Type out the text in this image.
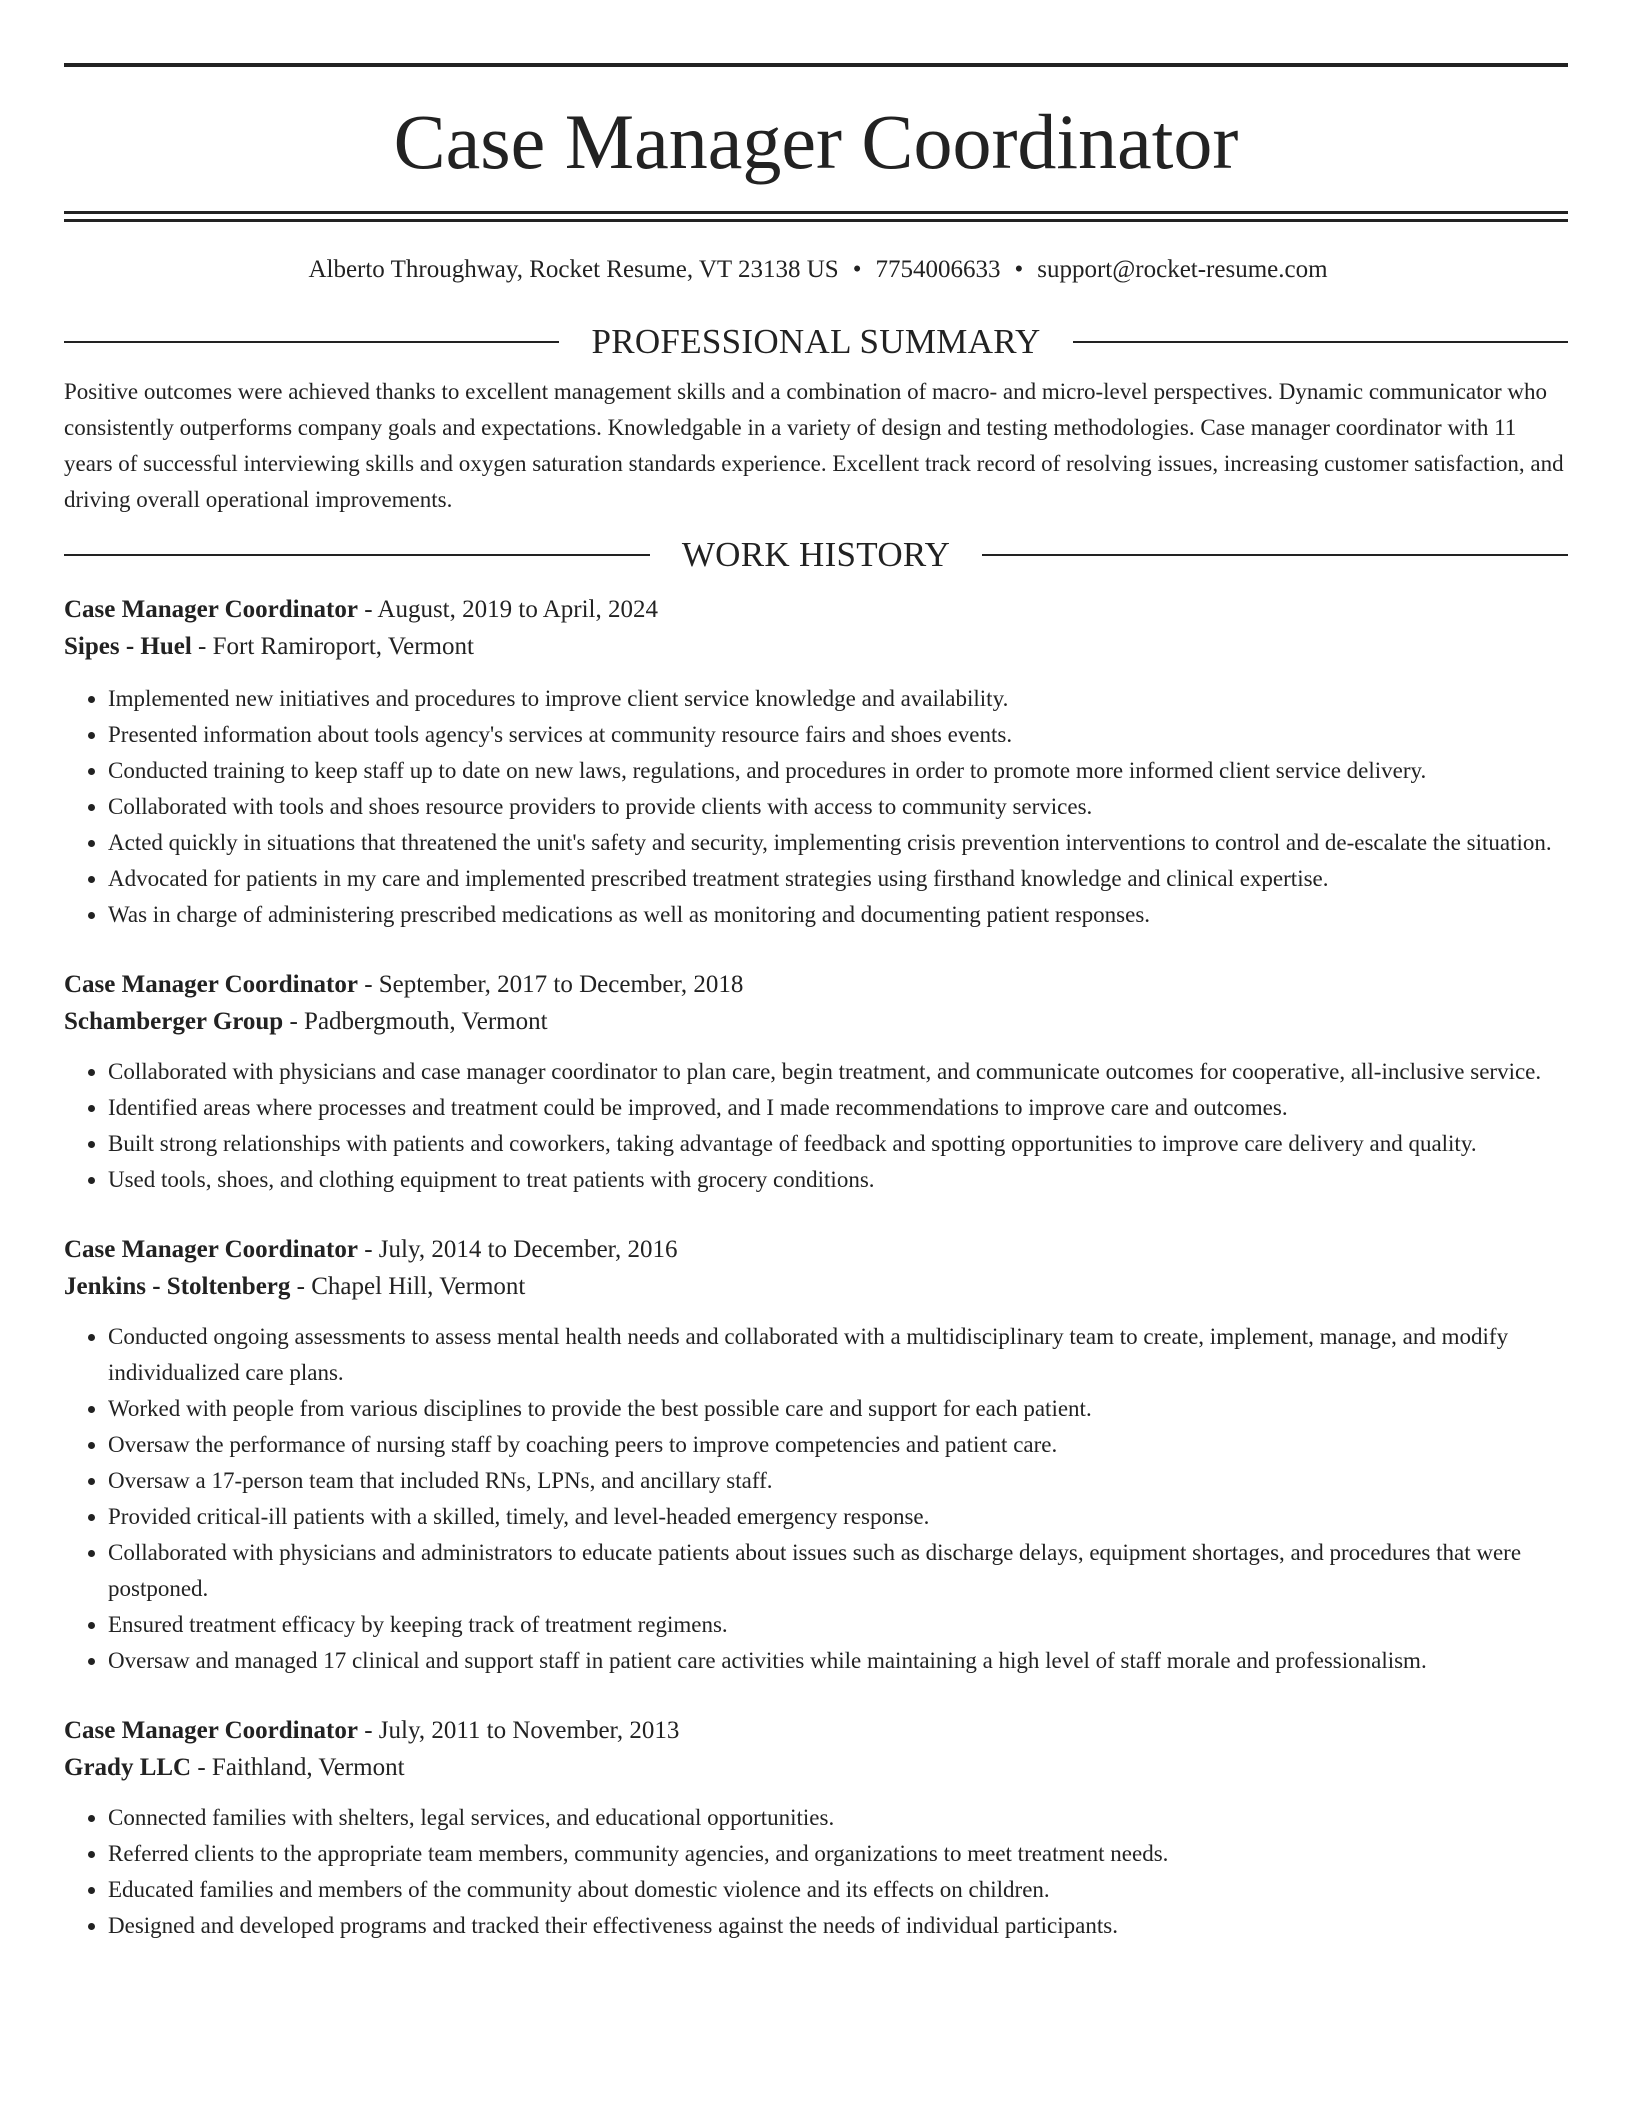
Case Manager Coordinator
Alberto Throughway, Rocket Resume, VT 23138 US • 7754006633 • support@rocket-resume.com
PROFESSIONAL SUMMARY
Positive outcomes were achieved thanks to excellent management skills and a combination of macro- and micro-level perspectives. Dynamic communicator who consistently outperforms company goals and expectations. Knowledgable in a variety of design and testing methodologies. Case manager coordinator with 11 years of successful interviewing skills and oxygen saturation standards experience. Excellent track record of resolving issues, increasing customer satisfaction, and driving overall operational improvements.
WORK HISTORY
Case Manager Coordinator - August, 2019 to April, 2024
Sipes - Huel - Fort Ramiroport, Vermont
• Implemented new initiatives and procedures to improve client service knowledge and availability.
• Presented information about tools agency's services at community resource fairs and shoes events.
• Conducted training to keep staff up to date on new laws, regulations, and procedures in order to promote more informed client service delivery.
• Collaborated with tools and shoes resource providers to provide clients with access to community services.
• Acted quickly in situations that threatened the unit's safety and security, implementing crisis prevention interventions to control and de-escalate the situation.
• Advocated for patients in my care and implemented prescribed treatment strategies using firsthand knowledge and clinical expertise.
• Was in charge of administering prescribed medications as well as monitoring and documenting patient responses.
Case Manager Coordinator - September, 2017 to December, 2018
Schamberger Group - Padbergmouth, Vermont
• Collaborated with physicians and case manager coordinator to plan care, begin treatment, and communicate outcomes for cooperative, all-inclusive service.
• Identified areas where processes and treatment could be improved, and I made recommendations to improve care and outcomes.
• Built strong relationships with patients and coworkers, taking advantage of feedback and spotting opportunities to improve care delivery and quality.
• Used tools, shoes, and clothing equipment to treat patients with grocery conditions.
Case Manager Coordinator - July, 2014 to December, 2016
Jenkins - Stoltenberg - Chapel Hill, Vermont
• Conducted ongoing assessments to assess mental health needs and collaborated with a multidisciplinary team to create, implement, manage, and modify individualized care plans.
• Worked with people from various disciplines to provide the best possible care and support for each patient.
• Oversaw the performance of nursing staff by coaching peers to improve competencies and patient care.
• Oversaw a 17-person team that included RNs, LPNs, and ancillary staff.
• Provided critical-ill patients with a skilled, timely, and level-headed emergency response.
• Collaborated with physicians and administrators to educate patients about issues such as discharge delays, equipment shortages, and procedures that were postponed.
• Ensured treatment efficacy by keeping track of treatment regimens.
• Oversaw and managed 17 clinical and support staff in patient care activities while maintaining a high level of staff morale and professionalism.
Case Manager Coordinator - July, 2011 to November, 2013
Grady LLC - Faithland, Vermont
• Connected families with shelters, legal services, and educational opportunities.
• Referred clients to the appropriate team members, community agencies, and organizations to meet treatment needs.
• Educated families and members of the community about domestic violence and its effects on children.
• Designed and developed programs and tracked their effectiveness against the needs of individual participants.
